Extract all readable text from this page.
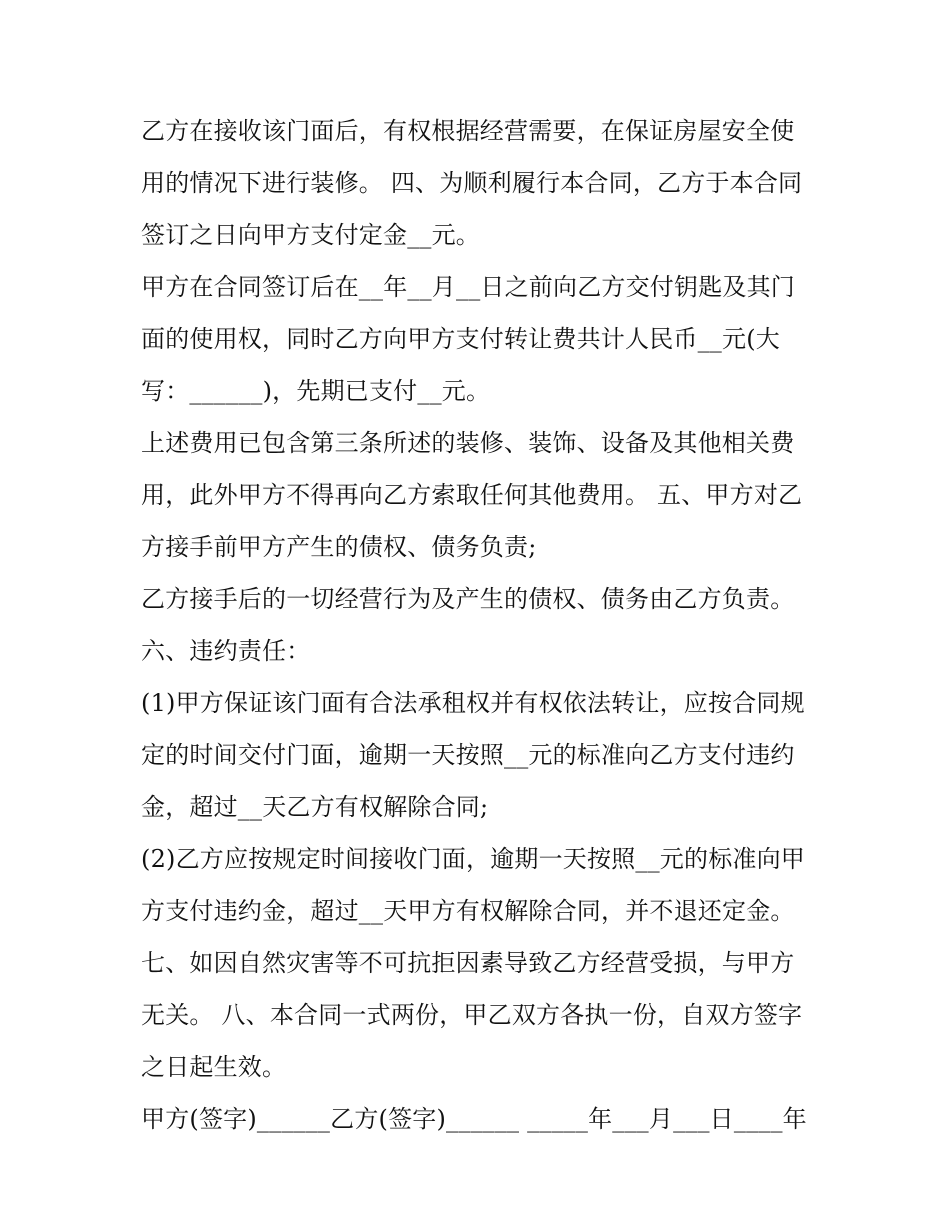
乙方在接收该门面后，有权根据经营需要，在保证房屋安全使用的情况下进行装修。 四、为顺利履行本合同，乙方于本合同签订之日向甲方支付定金__元。

甲方在合同签订后在__年__月__日之前向乙方交付钥匙及其门面的使用权，同时乙方向甲方支付转让费共计人民币__元(大写：______)，先期已支付__元。

上述费用已包含第三条所述的装修、装饰、设备及其他相关费用，此外甲方不得再向乙方索取任何其他费用。 五、甲方对乙方接手前甲方产生的债权、债务负责;

乙方接手后的一切经营行为及产生的债权、债务由乙方负责。

六、违约责任：

(1)甲方保证该门面有合法承租权并有权依法转让，应按合同规定的时间交付门面，逾期一天按照__元的标准向乙方支付违约金，超过__天乙方有权解除合同;

(2)乙方应按规定时间接收门面，逾期一天按照__元的标准向甲方支付违约金，超过__天甲方有权解除合同，并不退还定金。

七、如因自然灾害等不可抗拒因素导致乙方经营受损，与甲方无关。 八、本合同一式两份，甲乙双方各执一份，自双方签字之日起生效。

甲方(签字)______乙方(签字)______ _____年___月___日____年
